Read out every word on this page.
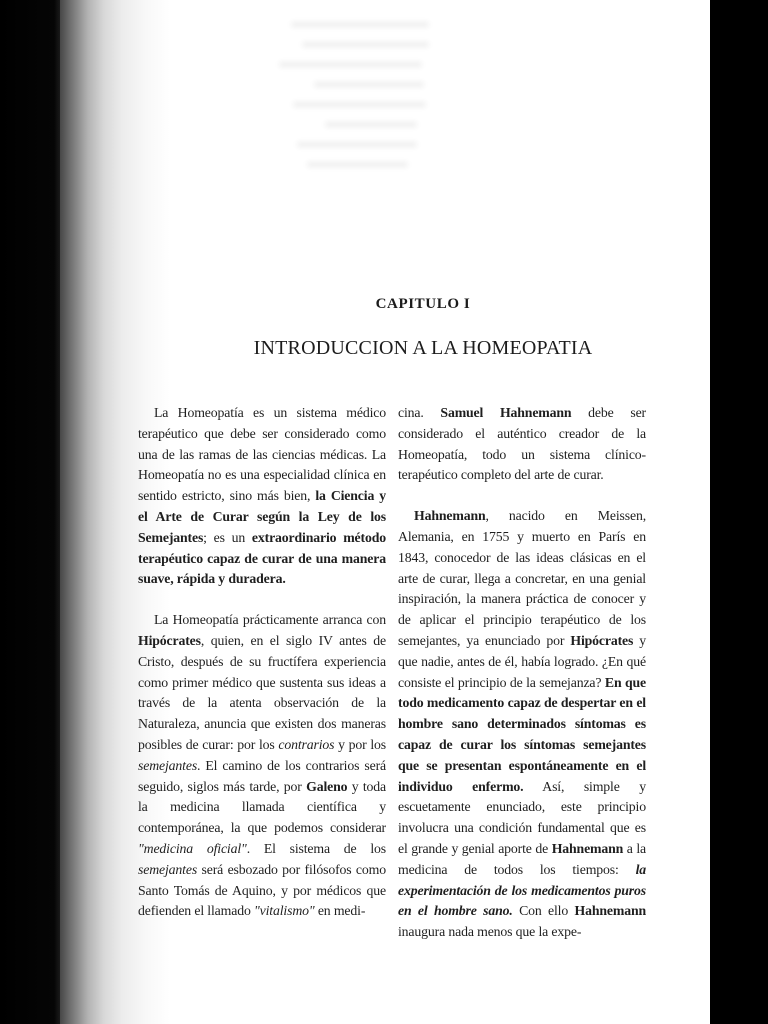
CAPITULO I
INTRODUCCION A LA HOMEOPATIA

La Homeopatía es un sistema médico terapéutico que debe ser considerado como una de las ramas de las ciencias médicas. La Homeopatía no es una especialidad clínica en sentido estricto, sino más bien, la Ciencia y el Arte de Curar según la Ley de los Semejantes; es un extraordinario método terapéutico capaz de curar de una manera suave, rápida y duradera.

La Homeopatía prácticamente arranca con Hipócrates, quien, en el siglo IV antes de Cristo, después de su fructífera experiencia como primer médico que sustenta sus ideas a través de la atenta observación de la Naturaleza, anuncia que existen dos maneras posibles de curar: por los contrarios y por los semejantes. El camino de los contrarios será seguido, siglos más tarde, por Galeno y toda la medicina llamada científica y contemporánea, la que podemos considerar "medicina oficial". El sistema de los semejantes será esbozado por filósofos como Santo Tomás de Aquino, y por médicos que defienden el llamado "vitalismo" en medi-

cina. Samuel Hahnemann debe ser considerado el auténtico creador de la Homeopatía, todo un sistema clínico-terapéutico completo del arte de curar.

Hahnemann, nacido en Meissen, Alemania, en 1755 y muerto en París en 1843, conocedor de las ideas clásicas en el arte de curar, llega a concretar, en una genial inspiración, la manera práctica de conocer y de aplicar el principio terapéutico de los semejantes, ya enunciado por Hipócrates y que nadie, antes de él, había logrado. ¿En qué consiste el principio de la semejanza? En que todo medicamento capaz de despertar en el hombre sano determinados síntomas es capaz de curar los síntomas semejantes que se presentan espontáneamente en el individuo enfermo. Así, simple y escuetamente enunciado, este principio involucra una condición fundamental que es el grande y genial aporte de Hahnemann a la medicina de todos los tiempos: la experimentación de los medicamentos puros en el hombre sano. Con ello Hahnemann inaugura nada menos que la expe-
